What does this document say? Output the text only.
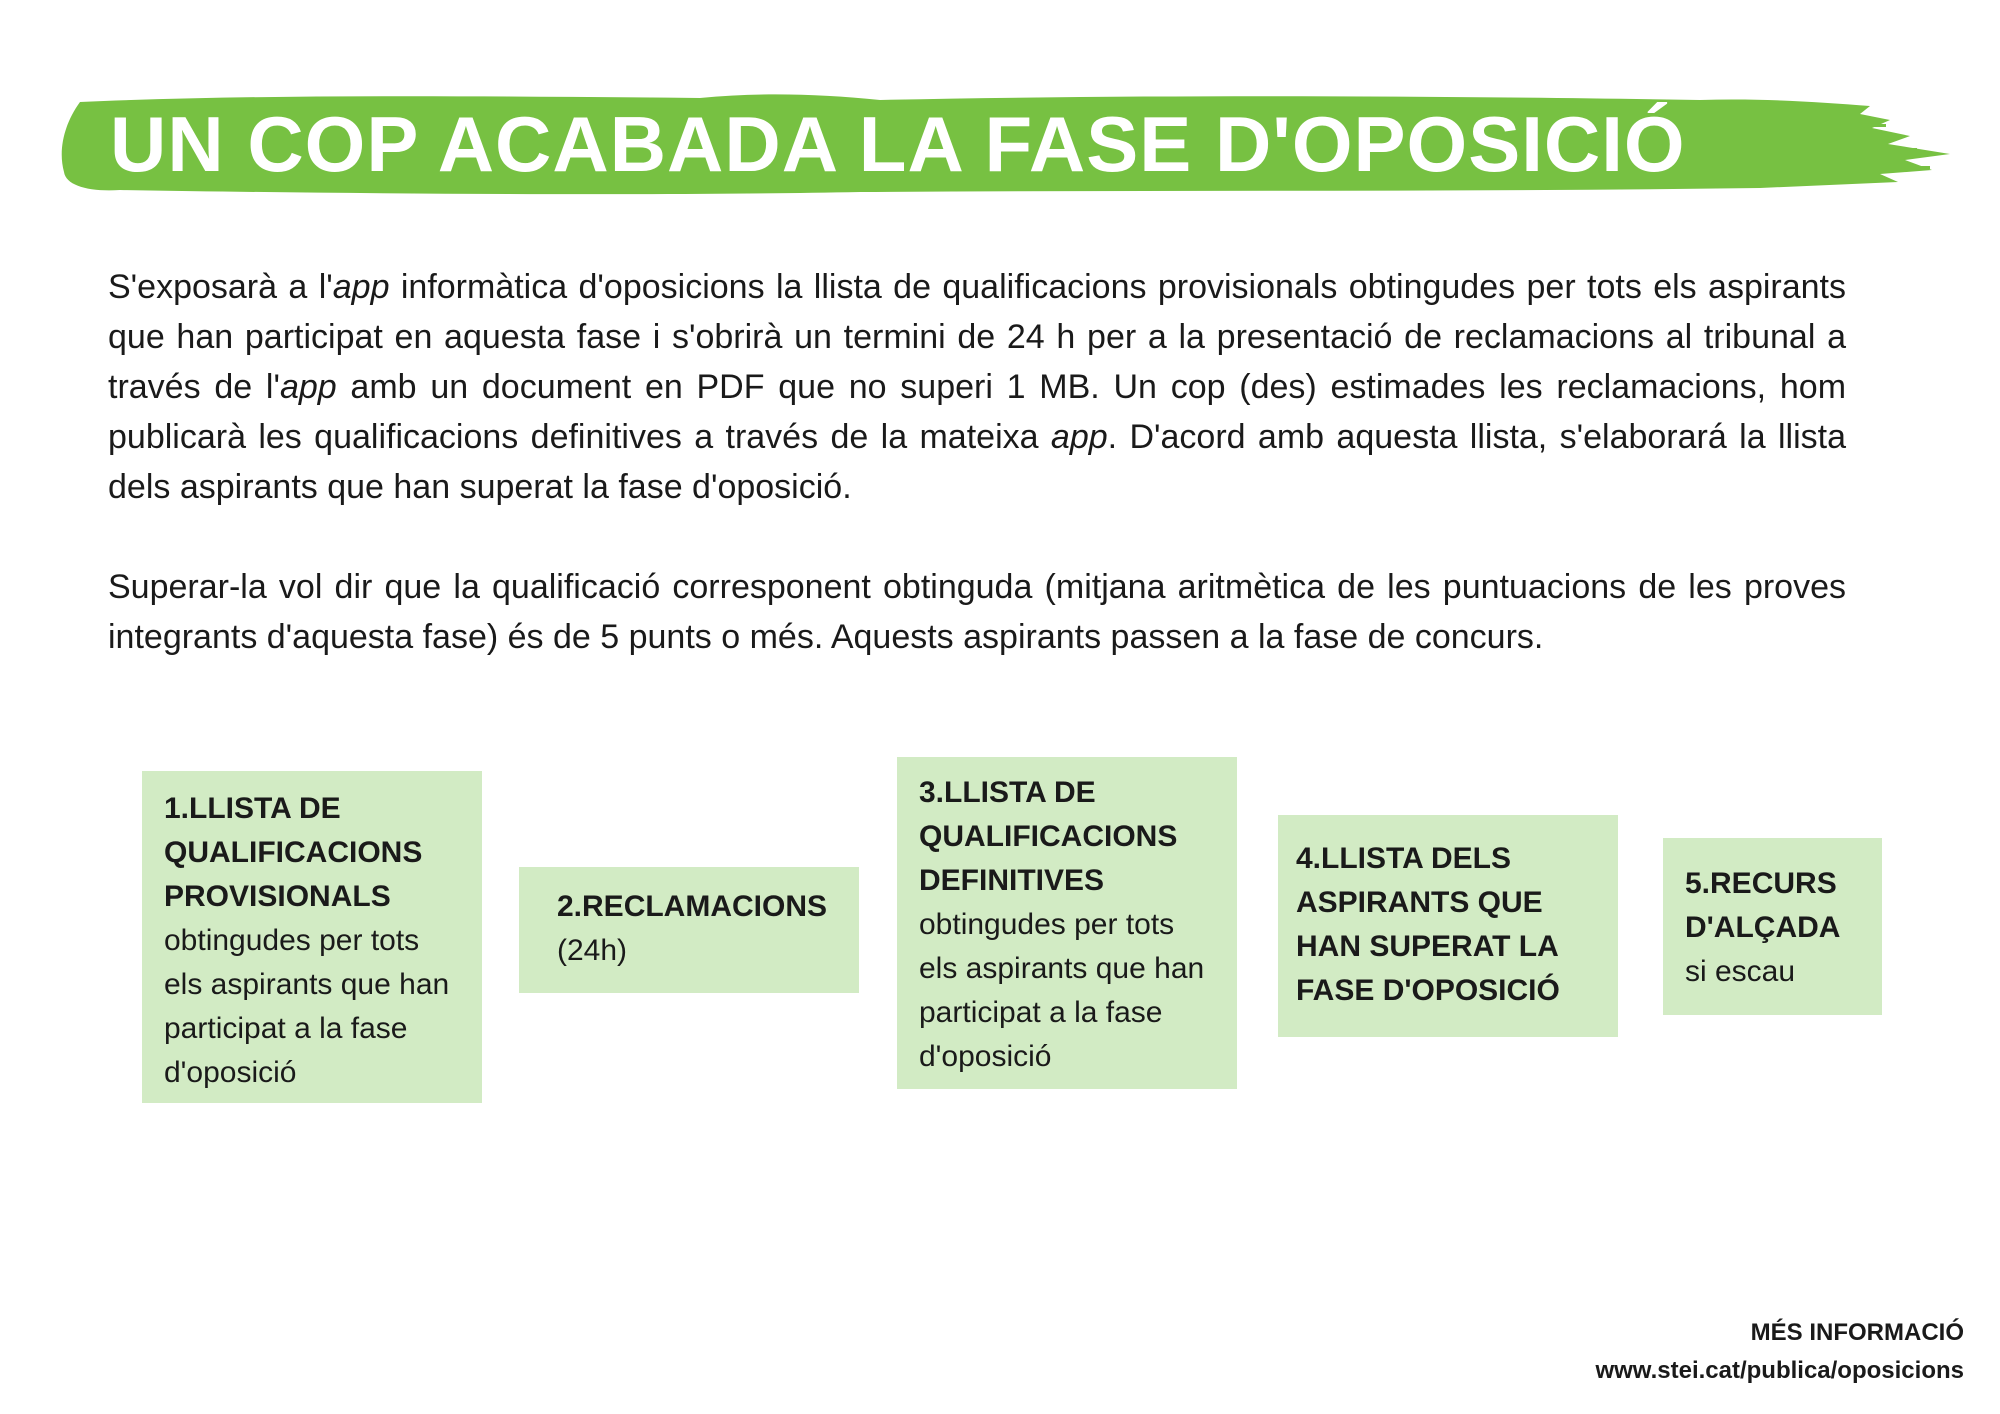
UN COP ACABADA LA FASE D'OPOSICIÓ

S'exposarà a l'app informàtica d'oposicions la llista de qualificacions provisionals obtingudes per tots els aspirants que han participat en aquesta fase i s'obrirà un termini de 24 h per a la presentació de reclamacions al tribunal a través de l'app amb un document en PDF que no superi 1 MB. Un cop (des) estimades les reclamacions, hom publicarà les qualificacions definitives a través de la mateixa app. D'acord amb aquesta llista, s'elaborará la llista dels aspirants que han superat la fase d'oposició.

Superar-la vol dir que la qualificació corresponent obtinguda (mitjana aritmètica de les puntuacions de les proves integrants d'aquesta fase) és de 5 punts o més. Aquests aspirants passen a la fase de concurs.

1.LLISTA DE QUALIFICACIONS PROVISIONALS
obtingudes per tots els aspirants que han participat a la fase d'oposició
2.RECLAMACIONS
(24h)
3.LLISTA DE QUALIFICACIONS DEFINITIVES
obtingudes per tots els aspirants que han participat a la fase d'oposició
4.LLISTA DELS ASPIRANTS QUE HAN SUPERAT LA FASE D'OPOSICIÓ
5.RECURS D'ALÇADA
si escau
MÉS INFORMACIÓ
www.stei.cat/publica/oposicions
